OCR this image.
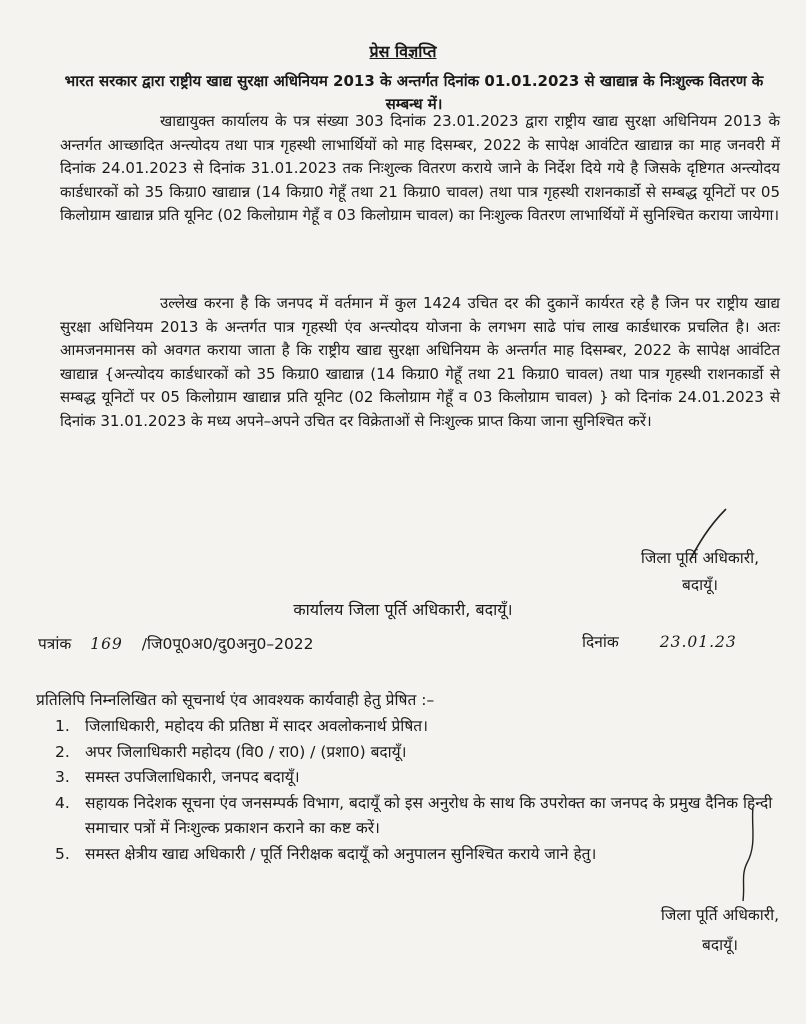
प्रेस विज्ञप्ति
भारत सरकार द्वारा राष्ट्रीय खाद्य सुरक्षा अधिनियम 2013 के अन्तर्गत दिनांक 01.01.2023 से खाद्यान्न के निःशुल्क वितरण के सम्बन्ध में।
खाद्यायुक्त कार्यालय के पत्र संख्या 303 दिनांक 23.01.2023 द्वारा राष्ट्रीय खाद्य सुरक्षा अधिनियम 2013 के अन्तर्गत आच्छादित अन्त्योदय तथा पात्र गृहस्थी लाभार्थियों को माह दिसम्बर, 2022 के सापेक्ष आवंटित खाद्यान्न का माह जनवरी में दिनांक 24.01.2023 से दिनांक 31.01.2023 तक निःशुल्क वितरण कराये जाने के निर्देश दिये गये है जिसके दृष्टिगत अन्त्योदय कार्डधारकों को 35 किग्रा0 खाद्यान्न (14 किग्रा0 गेहूँ तथा 21 किग्रा0 चावल) तथा पात्र गृहस्थी राशनकार्डो से सम्बद्ध यूनिटों पर 05 किलोग्राम खाद्यान्न प्रति यूनिट (02 किलोग्राम गेहूँ व 03 किलोग्राम चावल) का निःशुल्क वितरण लाभार्थियों में सुनिश्चित कराया जायेगा।
उल्लेख करना है कि जनपद में वर्तमान में कुल 1424 उचित दर की दुकानें कार्यरत रहे है जिन पर राष्ट्रीय खाद्य सुरक्षा अधिनियम 2013 के अन्तर्गत पात्र गृहस्थी एंव अन्त्योदय योजना के लगभग साढे पांच लाख कार्डधारक प्रचलित है। अतः आमजनमानस को अवगत कराया जाता है कि राष्ट्रीय खाद्य सुरक्षा अधिनियम के अन्तर्गत माह दिसम्बर, 2022 के सापेक्ष आवंटित खाद्यान्न {अन्त्योदय कार्डधारकों को 35 किग्रा0 खाद्यान्न (14 किग्रा0 गेहूँ तथा 21 किग्रा0 चावल) तथा पात्र गृहस्थी राशनकार्डो से सम्बद्ध यूनिटों पर 05 किलोग्राम खाद्यान्न प्रति यूनिट (02 किलोग्राम गेहूँ व 03 किलोग्राम चावल) } को दिनांक 24.01.2023 से दिनांक 31.01.2023 के मध्य अपने–अपने उचित दर विक्रेताओं से निःशुल्क प्राप्त किया जाना सुनिश्चित करें।
जिला पूर्ति अधिकारी,
बदायूँ।
कार्यालय जिला पूर्ति अधिकारी, बदायूँ।
पत्रांक 169 /जि0पू0अ0/दु0अनु0–2022	दिनांक	23.01.23
प्रतिलिपि निम्नलिखित को सूचनार्थ एंव आवश्यक कार्यवाही हेतु प्रेषित :–
1. जिलाधिकारी, महोदय की प्रतिष्ठा में सादर अवलोकनार्थ प्रेषित।
2. अपर जिलाधिकारी महोदय (वि0 / रा0) / (प्रशा0) बदायूँ।
3. समस्त उपजिलाधिकारी, जनपद बदायूँ।
4. सहायक निदेशक सूचना एंव जनसम्पर्क विभाग, बदायूँ को इस अनुरोध के साथ कि उपरोक्त का जनपद के प्रमुख दैनिक हिन्दी समाचार पत्रों में निःशुल्क प्रकाशन कराने का कष्ट करें।
5. समस्त क्षेत्रीय खाद्य अधिकारी / पूर्ति निरीक्षक बदायूँ को अनुपालन सुनिश्चित कराये जाने हेतु।
जिला पूर्ति अधिकारी,
बदायूँ।
